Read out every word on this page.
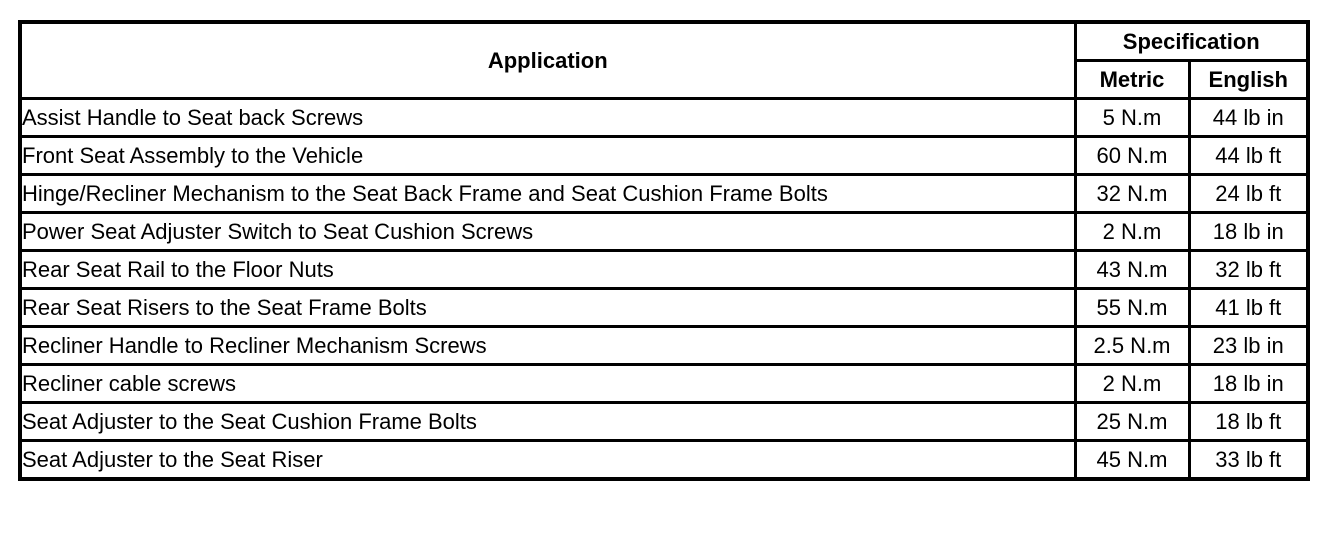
Application	Specification	
	Metric	English
Assist Handle to Seat back Screws	5 N.m	44 lb in
Front Seat Assembly to the Vehicle	60 N.m	44 lb ft
Hinge/Recliner Mechanism to the Seat Back Frame and Seat Cushion Frame Bolts	32 N.m	24 lb ft
Power Seat Adjuster Switch to Seat Cushion Screws	2 N.m	18 lb in
Rear Seat Rail to the Floor Nuts	43 N.m	32 lb ft
Rear Seat Risers to the Seat Frame Bolts	55 N.m	41 lb ft
Recliner Handle to Recliner Mechanism Screws	2.5 N.m	23 lb in
Recliner cable screws	2 N.m	18 lb in
Seat Adjuster to the Seat Cushion Frame Bolts	25 N.m	18 lb ft
Seat Adjuster to the Seat Riser	45 N.m	33 lb ft
